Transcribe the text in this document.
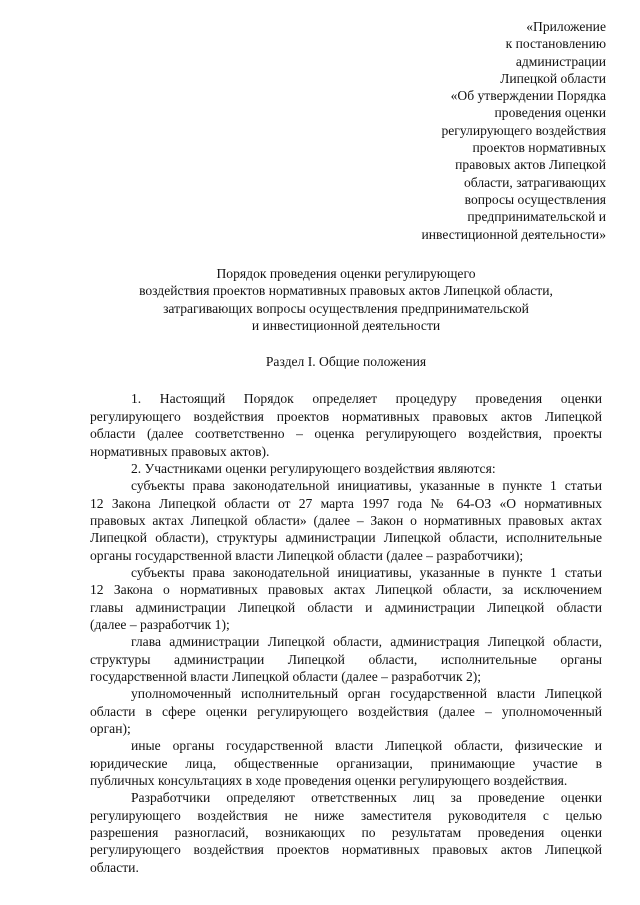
«Приложение
к постановлению
администрации
Липецкой области
«Об утверждении Порядка
проведения оценки
регулирующего воздействия
проектов нормативных
правовых актов Липецкой
области, затрагивающих
вопросы осуществления
предпринимательской и
инвестиционной деятельности»
Порядок проведения оценки регулирующего
воздействия проектов нормативных правовых актов Липецкой области,
затрагивающих вопросы осуществления предпринимательской
и инвестиционной деятельности
Раздел I. Общие положения
1. Настоящий Порядок определяет процедуру проведения оценки
регулирующего воздействия проектов нормативных правовых актов Липецкой
области (далее соответственно – оценка регулирующего воздействия, проекты
нормативных правовых актов).
2. Участниками оценки регулирующего воздействия являются:
субъекты права законодательной инициативы, указанные в пункте 1 статьи
12 Закона Липецкой области от 27 марта 1997 года № 64-ОЗ «О нормативных
правовых актах Липецкой области» (далее – Закон о нормативных правовых актах
Липецкой области), структуры администрации Липецкой области, исполнительные
органы государственной власти Липецкой области (далее – разработчики);
субъекты права законодательной инициативы, указанные в пункте 1 статьи
12 Закона о нормативных правовых актах Липецкой области, за исключением
главы администрации Липецкой области и администрации Липецкой области
(далее – разработчик 1);
глава администрации Липецкой области, администрация Липецкой области,
структуры администрации Липецкой области, исполнительные органы
государственной власти Липецкой области (далее – разработчик 2);
уполномоченный исполнительный орган государственной власти Липецкой
области в сфере оценки регулирующего воздействия (далее – уполномоченный
орган);
иные органы государственной власти Липецкой области, физические и
юридические лица, общественные организации, принимающие участие в
публичных консультациях в ходе проведения оценки регулирующего воздействия.
Разработчики определяют ответственных лиц за проведение оценки
регулирующего воздействия не ниже заместителя руководителя с целью
разрешения разногласий, возникающих по результатам проведения оценки
регулирующего воздействия проектов нормативных правовых актов Липецкой
области.
